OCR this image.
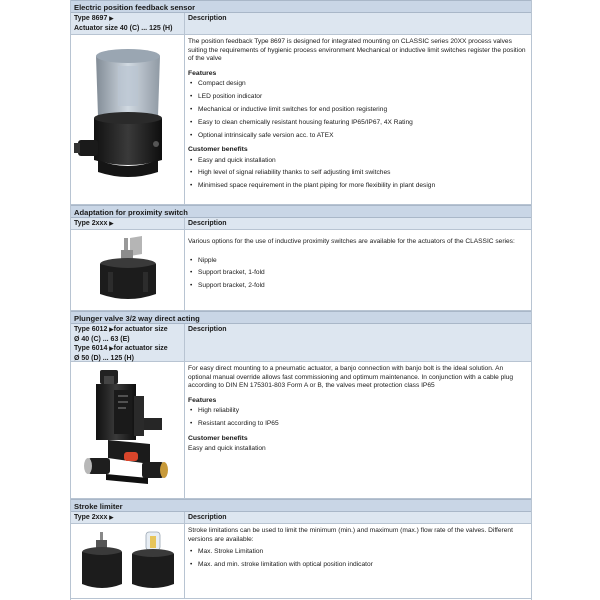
Electric position feedback sensor
Type 8697 ▶
Actuator size 40 (C) ... 125 (H)
Description

The position feedback Type 8697 is designed for integrated mounting on CLASSIC series 20XX process valves suiting the requirements of hygienic process environment Mechanical or inductive limit switches register the position of the valve

Features
• Compact design
• LED position indicator
• Mechanical or inductive limit switches for end position registering
• Easy to clean chemically resistant housing featuring IP65/IP67, 4X Rating
• Optional intrinsically safe version acc. to ATEX
Customer benefits
• Easy and quick installation
• High level of signal reliability thanks to self adjusting limit switches
• Minimised space requirement in the plant piping for more flexibility in plant design
Adaptation for proximity switch
Type 2xxx ▶	Description

Various options for the use of inductive proximity switches are available for the actuators of the CLASSIC series:

• Nipple
• Support bracket, 1-fold
• Support bracket, 2-fold
Plunger valve 3/2 way direct acting
Type 6012 ▶for actuator size
Ø 40 (C) ... 63 (E)
Type 6014 ▶for actuator size
Ø 50 (D) ... 125 (H)
Description

For easy direct mounting to a pneumatic actuator, a banjo connection with banjo bolt is the ideal solution. An optional manual override allows fast commissioning and optimum maintenance. In conjunction with a cable plug according to DIN EN 175301-803 Form A or B, the valves meet protection class IP65

Features
• High reliability
• Resistant according to IP65
Customer benefits

Easy and quick installation

Stroke limiter
Type 2xxx ▶	Description

Stroke limitations can be used to limit the minimum (min.) and maximum (max.) flow rate of the valves. Different versions are available:

• Max. Stroke Limitation
• Max. and min. stroke limitation with optical position indicator
